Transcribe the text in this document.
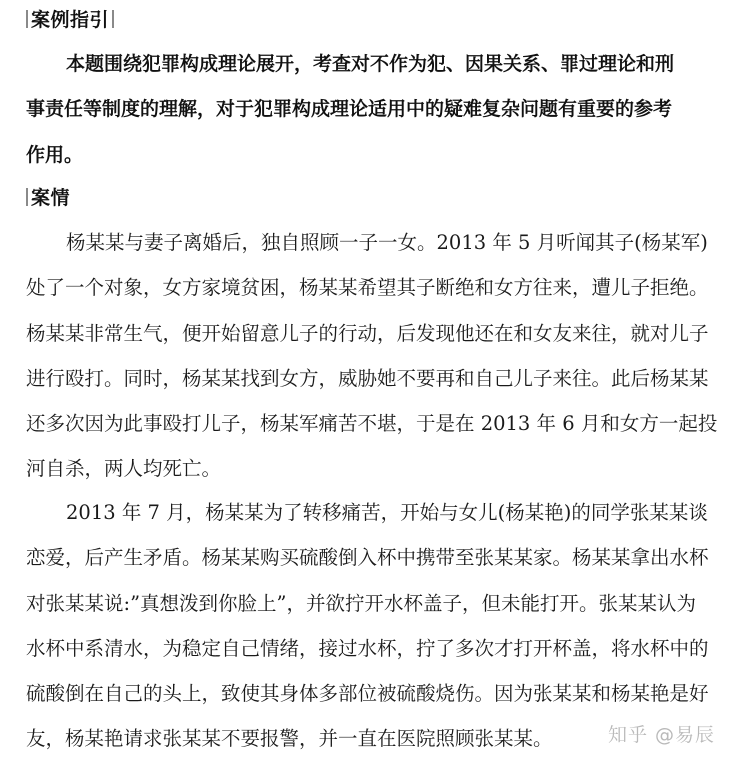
案例指引
本题围绕犯罪构成理论展开，考查对不作为犯、因果关系、罪过理论和刑
事责任等制度的理解，对于犯罪构成理论适用中的疑难复杂问题有重要的参考
作用。
案情
杨某某与妻子离婚后，独自照顾一子一女。2013 年 5 月听闻其子(杨某军)
处了一个对象，女方家境贫困，杨某某希望其子断绝和女方往来，遭儿子拒绝。
杨某某非常生气，便开始留意儿子的行动，后发现他还在和女友来往，就对儿子
进行殴打。同时，杨某某找到女方，威胁她不要再和自己儿子来往。此后杨某某
还多次因为此事殴打儿子，杨某军痛苦不堪，于是在 2013 年 6 月和女方一起投
河自杀，两人均死亡。
2013 年 7 月，杨某某为了转移痛苦，开始与女儿(杨某艳)的同学张某某谈
恋爱，后产生矛盾。杨某某购买硫酸倒入杯中携带至张某某家。杨某某拿出水杯
对张某某说:”真想泼到你脸上”，并欲拧开水杯盖子，但未能打开。张某某认为
水杯中系清水，为稳定自己情绪，接过水杯，拧了多次才打开杯盖，将水杯中的
硫酸倒在自己的头上，致使其身体多部位被硫酸烧伤。因为张某某和杨某艳是好
友，杨某艳请求张某某不要报警，并一直在医院照顾张某某。	知乎 @易辰
